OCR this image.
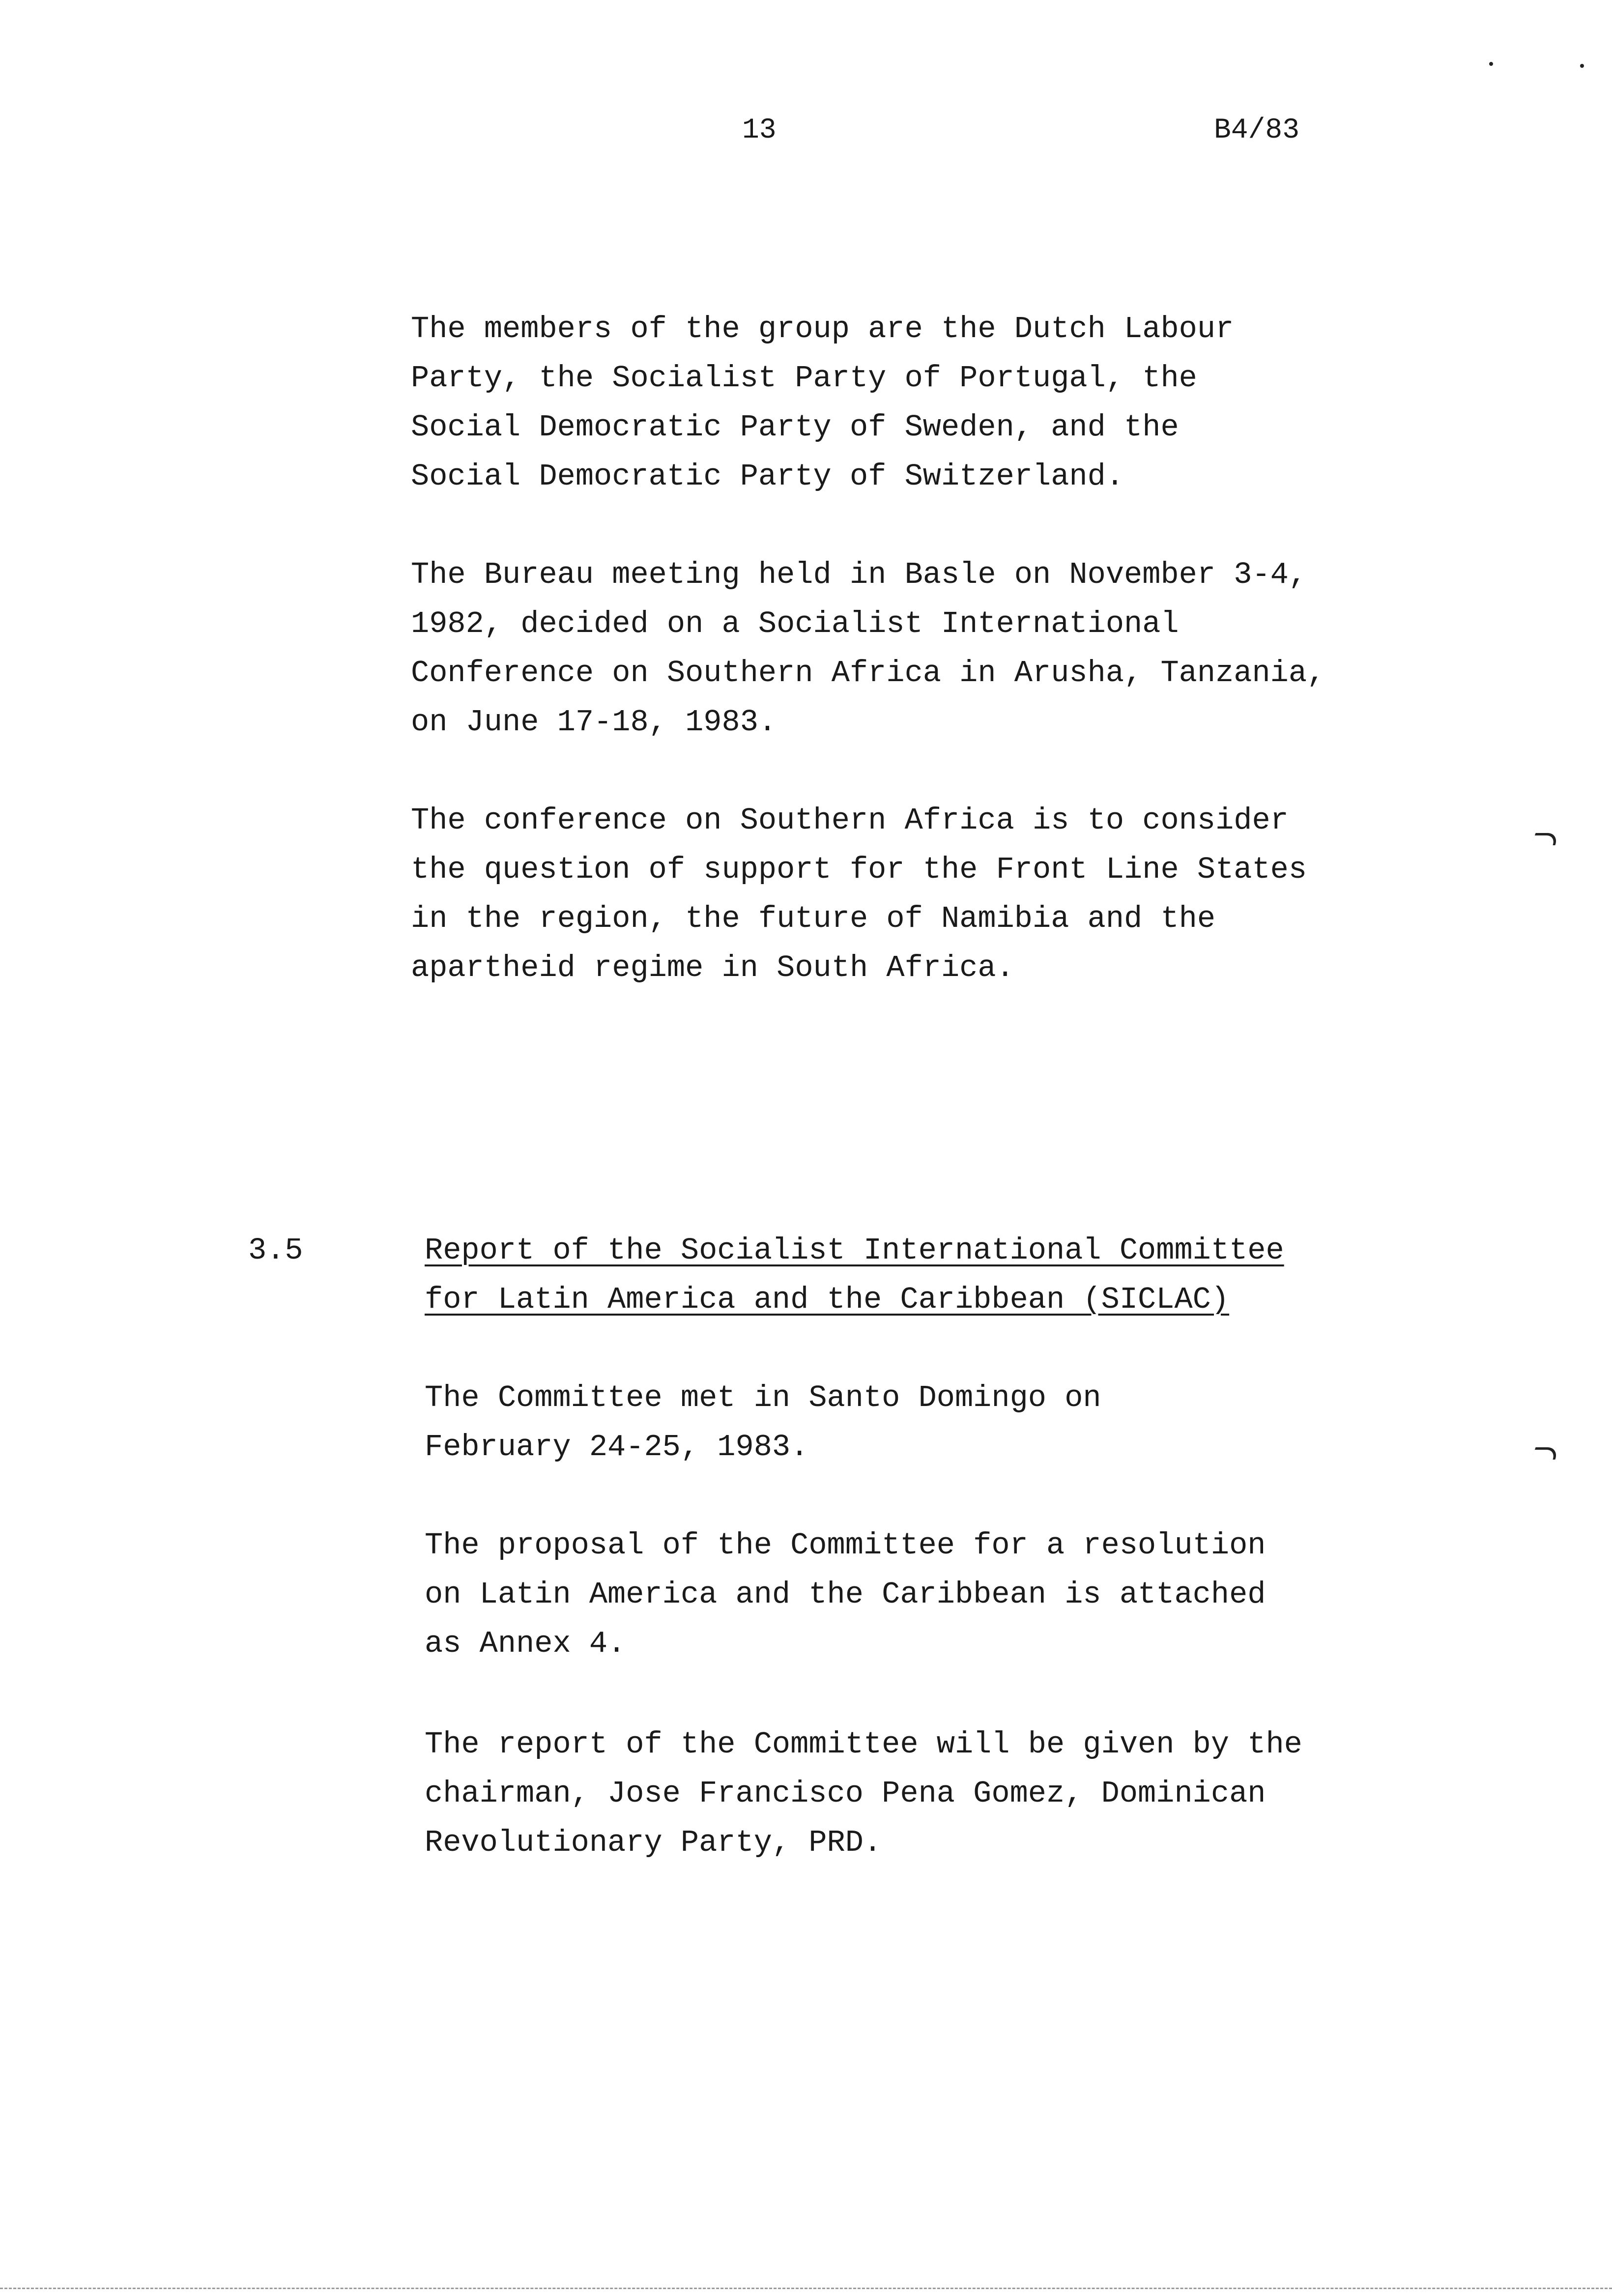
13	B4/83

The members of the group are the Dutch Labour
Party, the Socialist Party of Portugal, the
Social Democratic Party of Sweden, and the
Social Democratic Party of Switzerland.

The Bureau meeting held in Basle on November 3-4,
1982, decided on a Socialist International
Conference on Southern Africa in Arusha, Tanzania,
on June 17-18, 1983.

The conference on Southern Africa is to consider
the question of support for the Front Line States
in the region, the future of Namibia and the
apartheid regime in South Africa.

3.5	Report of the Socialist International Committee
for Latin America and the Caribbean (SICLAC)

The Committee met in Santo Domingo on
February 24-25, 1983.

The proposal of the Committee for a resolution
on Latin America and the Caribbean is attached
as Annex 4.

The report of the Committee will be given by the
chairman, Jose Francisco Pena Gomez, Dominican
Revolutionary Party, PRD.
